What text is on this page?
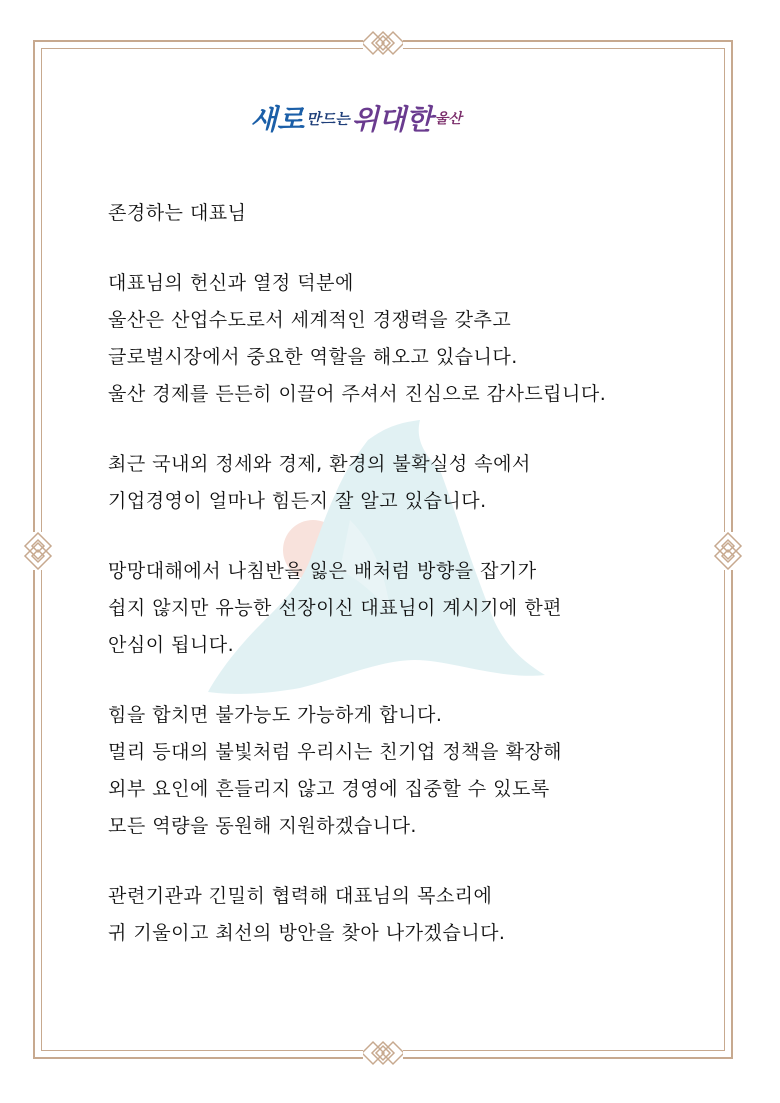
새로 만드는위대한 울산
존경하는 대표님
대표님의 헌신과 열정 덕분에
울산은 산업수도로서 세계적인 경쟁력을 갖추고
글로벌시장에서 중요한 역할을 해오고 있습니다.
울산 경제를 든든히 이끌어 주셔서 진심으로 감사드립니다.
최근 국내외 정세와 경제, 환경의 불확실성 속에서
기업경영이 얼마나 힘든지 잘 알고 있습니다.
망망대해에서 나침반을 잃은 배처럼 방향을 잡기가
쉽지 않지만 유능한 선장이신 대표님이 계시기에 한편
안심이 됩니다.
힘을 합치면 불가능도 가능하게 합니다.
멀리 등대의 불빛처럼 우리시는 친기업 정책을 확장해
외부 요인에 흔들리지 않고 경영에 집중할 수 있도록
모든 역량을 동원해 지원하겠습니다.
관련기관과 긴밀히 협력해 대표님의 목소리에
귀 기울이고 최선의 방안을 찾아 나가겠습니다.
